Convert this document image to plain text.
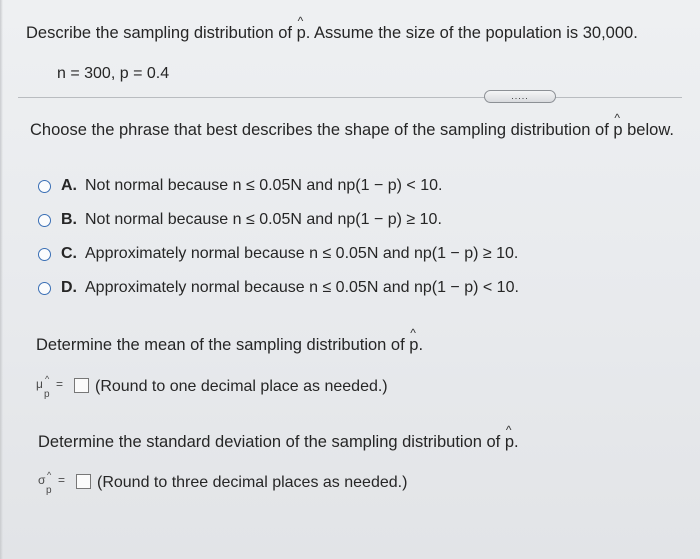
Describe the sampling distribution of ^ p. Assume the size of the population is 30,000.
n = 300, p = 0.4
.....
Choose the phrase that best describes the shape of the sampling distribution of ^ p below.
A. Not normal because n ≤ 0.05N and np(1 − p) < 10.
B. Not normal because n ≤ 0.05N and np(1 − p) ≥ 10.
C. Approximately normal because n ≤ 0.05N and np(1 − p) ≥ 10.
D. Approximately normal because n ≤ 0.05N and np(1 − p) < 10.
Determine the mean of the sampling distribution of ^ p.
μ ^
p
= (Round to one decimal place as needed.)
Determine the standard deviation of the sampling distribution of ^ p.
σ ^
p
= (Round to three decimal places as needed.)
